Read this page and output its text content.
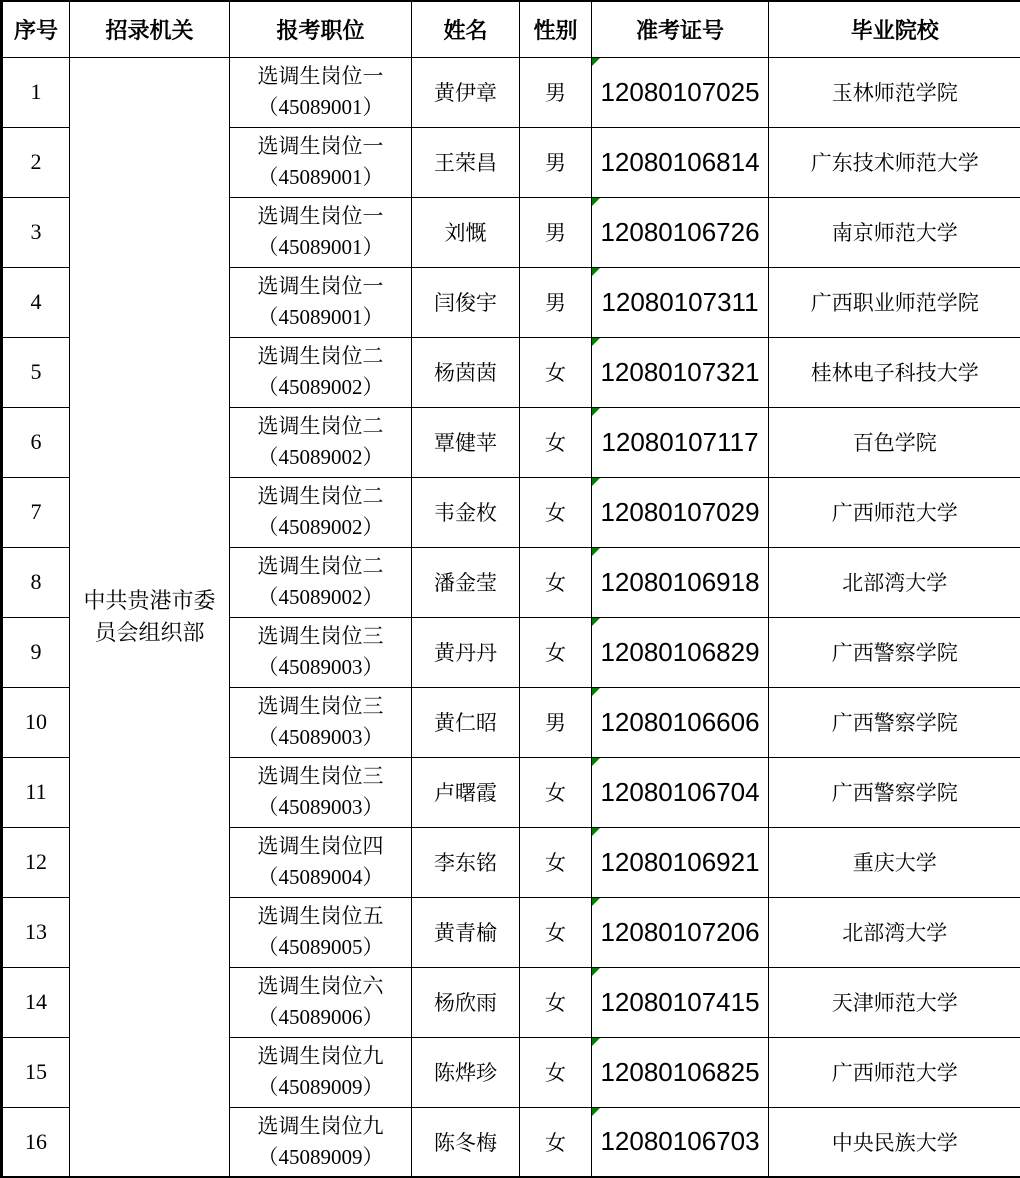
序号	招录机关	报考职位	姓名	性别	准考证号	毕业院校
1	中共贵港市委员会组织部	选调生岗位一
（45089001）	黄伊章	男	12080107025	玉林师范学院
2		选调生岗位一
（45089001）	王荣昌	男	12080106814	广东技术师范大学
3		选调生岗位一
（45089001）	刘慨	男	12080106726	南京师范大学
4		选调生岗位一
（45089001）	闫俊宇	男	12080107311	广西职业师范学院
5		选调生岗位二
（45089002）	杨茵茵	女	12080107321	桂林电子科技大学
6		选调生岗位二
（45089002）	覃健苹	女	12080107117	百色学院
7		选调生岗位二
（45089002）	韦金枚	女	12080107029	广西师范大学
8		选调生岗位二
（45089002）	潘金莹	女	12080106918	北部湾大学
9		选调生岗位三
（45089003）	黄丹丹	女	12080106829	广西警察学院
10		选调生岗位三
（45089003）	黄仁昭	男	12080106606	广西警察学院
11		选调生岗位三
（45089003）	卢曙霞	女	12080106704	广西警察学院
12		选调生岗位四
（45089004）	李东铭	女	12080106921	重庆大学
13		选调生岗位五
（45089005）	黄青榆	女	12080107206	北部湾大学
14		选调生岗位六
（45089006）	杨欣雨	女	12080107415	天津师范大学
15		选调生岗位九
（45089009）	陈烨珍	女	12080106825	广西师范大学
16		选调生岗位九
（45089009）	陈冬梅	女	12080106703	中央民族大学
